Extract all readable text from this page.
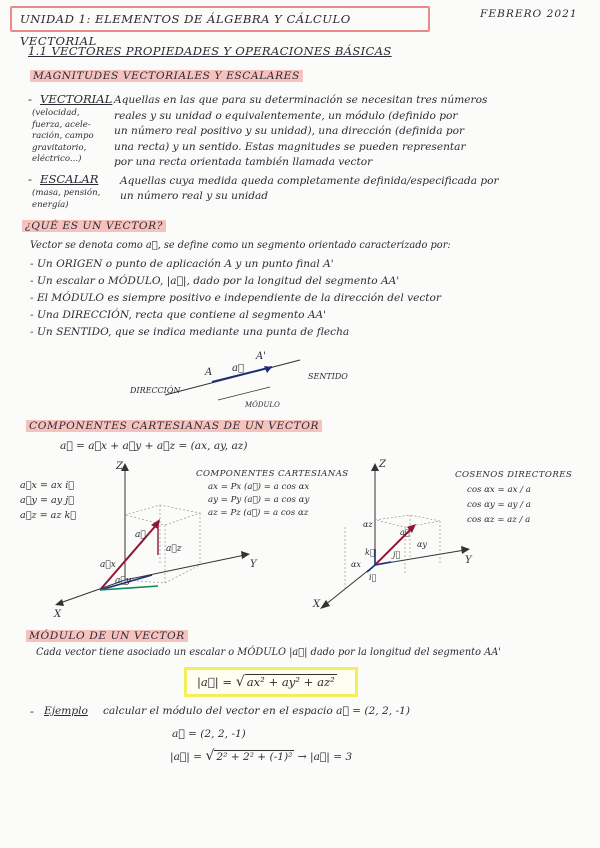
UNIDAD 1: ELEMENTOS DE ÁLGEBRA Y CÁLCULO VECTORIAL
FEBRERO 2021
1.1 VECTORES PROPIEDADES Y OPERACIONES BÁSICAS
MAGNITUDES VECTORIALES Y ESCALARES
- VECTORIAL
(velocidad,
fuerza, acele-
ración, campo
gravitatorio,
eléctrico...)
Aquellas en las que para su determinación se necesitan tres números
reales y su unidad o equivalentemente, un módulo (definido por
un número real positivo y su unidad), una dirección (definida por
una recta) y un sentido. Estas magnitudes se pueden representar
por una recta orientada también llamada vector
- ESCALAR
(masa, pensión,
energía)
Aquellas cuya medida queda completamente definida/especificada por
un número real y su unidad
¿QUÉ ES UN VECTOR?
Vector se denota como a⃗, se define como un segmento orientado caracterizado por:
- Un ORIGEN o punto de aplicación A y un punto final A'
- Un escalar o MÓDULO, |a⃗|, dado por la longitud del segmento AA'
- El MÓDULO es siempre positivo e independiente de la dirección del vector
- Una DIRECCIÓN, recta que contiene al segmento AA'
- Un SENTIDO, que se indica mediante una punta de flecha
A
A'
a⃗
DIRECCIÓN
SENTIDO
MÓDULO
COMPONENTES CARTESIANAS DE UN VECTOR
a⃗ = a⃗x + a⃗y + a⃗z = (ax, ay, az)
a⃗x = ax i⃗
a⃗y = ay j⃗
a⃗z = az k⃗
COMPONENTES CARTESIANAS
ax = Px (a⃗) = a cos αx
ay = Py (a⃗) = a cos αy
az = Pz (a⃗) = a cos αz
COSENOS DIRECTORES
cos αx = ax / a
cos αy = ay / a
cos αz = az / a
Z
Y
X
a⃗
a⃗z
a⃗x
a⃗y
Z
Y
X
a⃗
k⃗ j⃗
i⃗
αz
αy
αx
MÓDULO DE UN VECTOR
Cada vector tiene asociado un escalar o MÓDULO |a⃗| dado por la longitud del segmento AA'
|a⃗| = √ ax² + ay² + az²
- Ejemplo calcular el módulo del vector en el espacio a⃗ = (2, 2, -1)
a⃗ = (2, 2, -1)
|a⃗| = √ 2² + 2² + (-1)² → |a⃗| = 3
